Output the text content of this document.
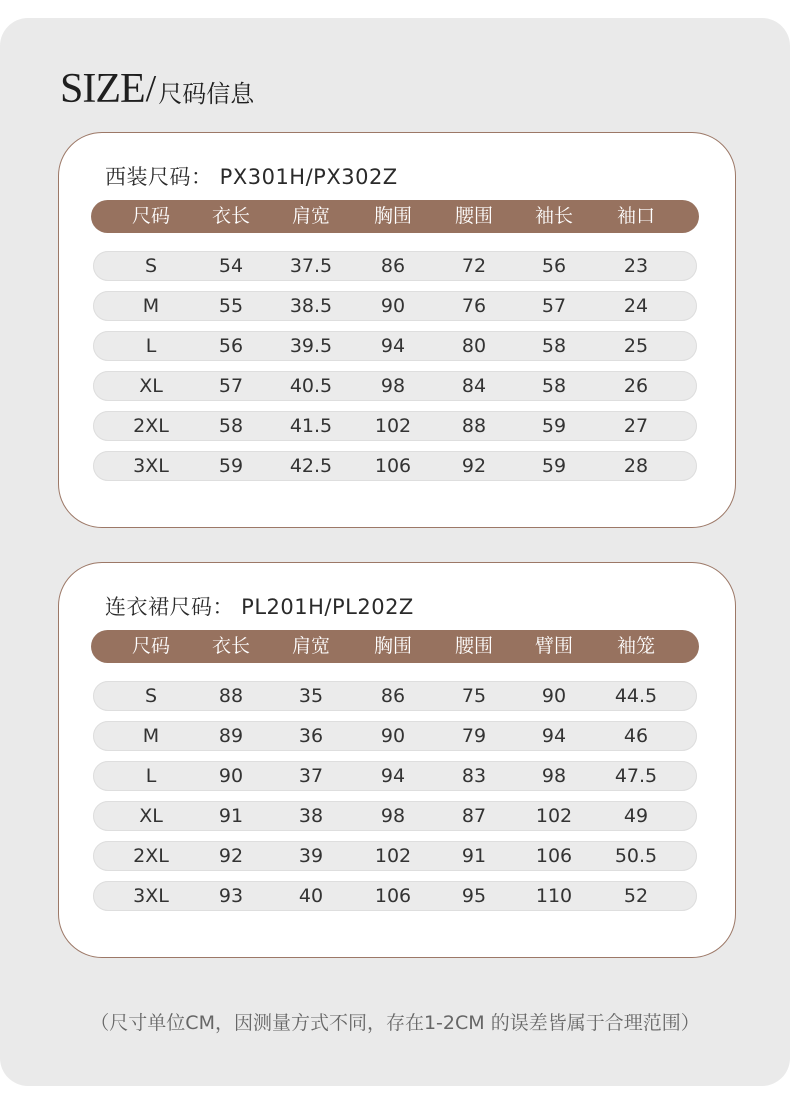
SIZE / 尺码信息
西装尺码： PX301H/PX302Z
尺码	衣长	肩宽	胸围	腰围	袖长	袖口
S	54	37.5	86	72	56	23
M	55	38.5	90	76	57	24
L	56	39.5	94	80	58	25
XL	57	40.5	98	84	58	26
2XL	58	41.5	102	88	59	27
3XL	59	42.5	106	92	59	28
连衣裙尺码： PL201H/PL202Z
尺码	衣长	肩宽	胸围	腰围	臂围	袖笼
S	88	35	86	75	90	44.5
M	89	36	90	79	94	46
L	90	37	94	83	98	47.5
XL	91	38	98	87	102	49
2XL	92	39	102	91	106	50.5
3XL	93	40	106	95	110	52
（尺寸单位CM，因测量方式不同，存在1-2CM 的误差皆属于合理范围）
